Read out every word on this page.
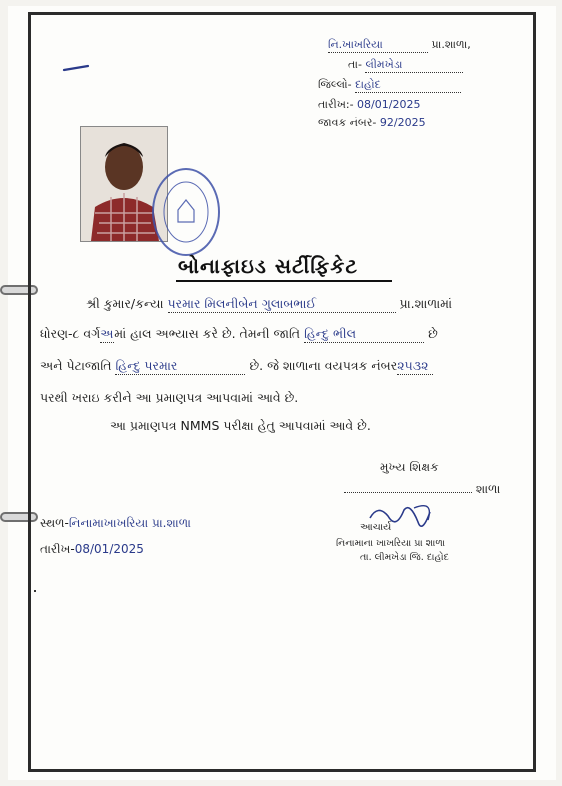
નિ.ખાખરિયા	પ્રા.શાળા,
તા- લીમખેડા
જિલ્લો- દાહોદ
તારીખ:- 08/01/2025
જાવક નંબર- 92/2025
બોનાફાઇડ સર્ટીફિકેટ
શ્રી કુમાર/કન્યા પરમાર મિલનીબેન ગુલાબભાઈ	પ્રા.શાળામાં
ધોરણ-૮ વર્ગઅમાં હાલ અભ્યાસ કરે છે. તેમની જાતિ હિન્દુ ભીલ	છે
અને પેટાજાતિ હિન્દુ પરમાર	છે. જે શાળાના વયપત્રક નંબર૨૫૩૨
પરથી ખરાઇ કરીને આ પ્રમાણપત્ર આપવામાં આવે છે.
આ પ્રમાણપત્ર NMMS પરીક્ષા હેતુ આપવામાં આવે છે.
મુખ્ય શિક્ષક
શાળા
સ્થળ-નિનામાખાખરિયા પ્રા.શાળા
તારીખ-08/01/2025
આચાર્ય
નિનામાના ખાખરિયા પ્રા શાળા
તા. લીમખેડા જિ. દાહોદ
